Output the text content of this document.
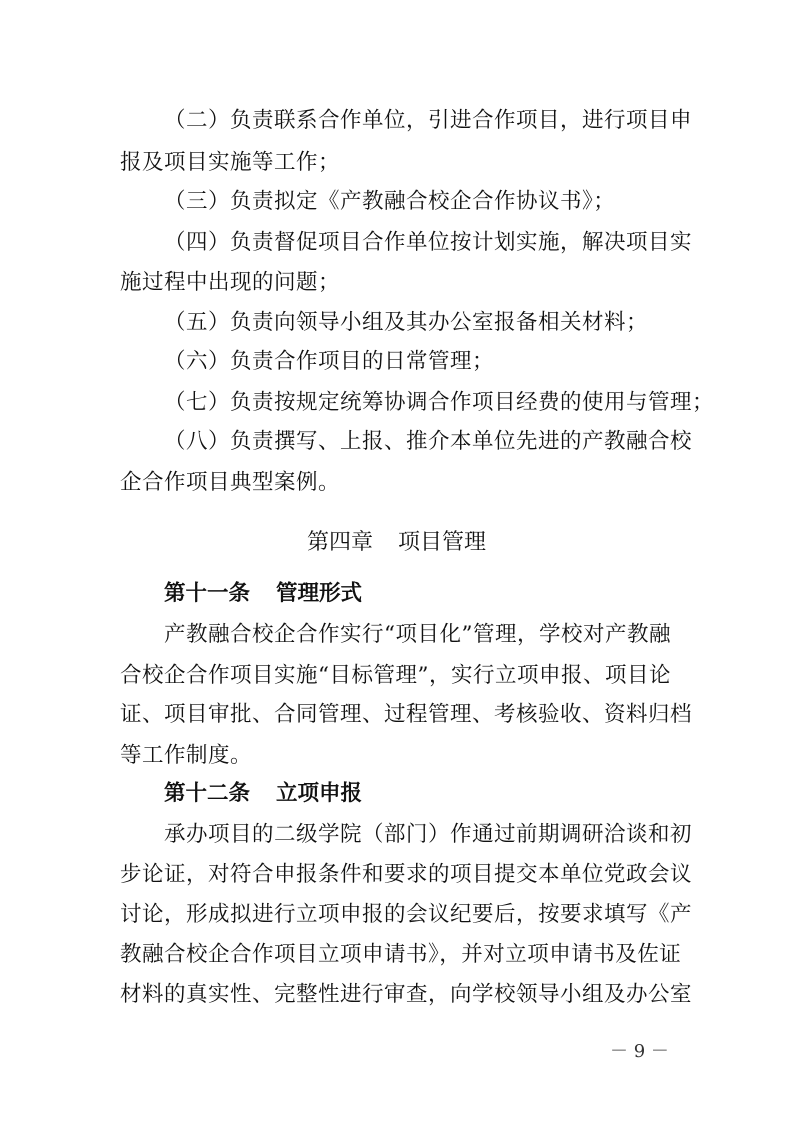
（二）负责联系合作单位，引进合作项目，进行项目申
报及项目实施等工作；
（三）负责拟定《产教融合校企合作协议书》；
（四）负责督促项目合作单位按计划实施，解决项目实
施过程中出现的问题；
（五）负责向领导小组及其办公室报备相关材料；
（六）负责合作项目的日常管理；
（七）负责按规定统筹协调合作项目经费的使用与管理；
（八）负责撰写、上报、推介本单位先进的产教融合校
企合作项目典型案例。
第四章 项目管理
第十一条 管理形式
产教融合校企合作实行“项目化”管理，学校对产教融
合校企合作项目实施“目标管理”，实行立项申报、项目论
证、项目审批、合同管理、过程管理、考核验收、资料归档
等工作制度。
第十二条 立项申报
承办项目的二级学院（部门）作通过前期调研洽谈和初
步论证，对符合申报条件和要求的项目提交本单位党政会议
讨论，形成拟进行立项申报的会议纪要后，按要求填写《产
教融合校企合作项目立项申请书》，并对立项申请书及佐证
材料的真实性、完整性进行审查，向学校领导小组及办公室
－ 9 －
